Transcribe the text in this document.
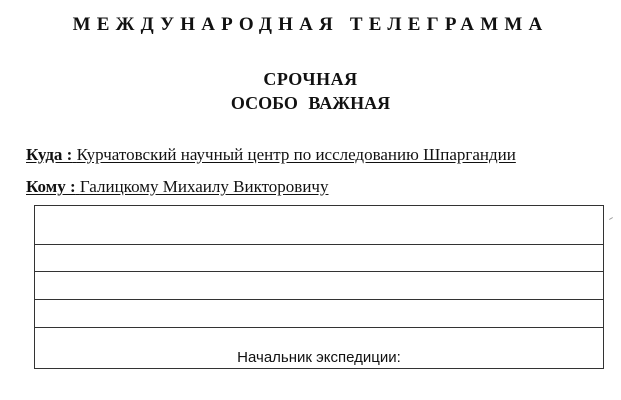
МЕЖДУНАРОДНАЯ ТЕЛЕГРАММА
СРОЧНАЯ
ОСОБО ВАЖНАЯ
Куда : Курчатовский научный центр по исследованию Шпаргандии
Кому : Галицкому Михаилу Викторовичу
Начальник экспедиции:
